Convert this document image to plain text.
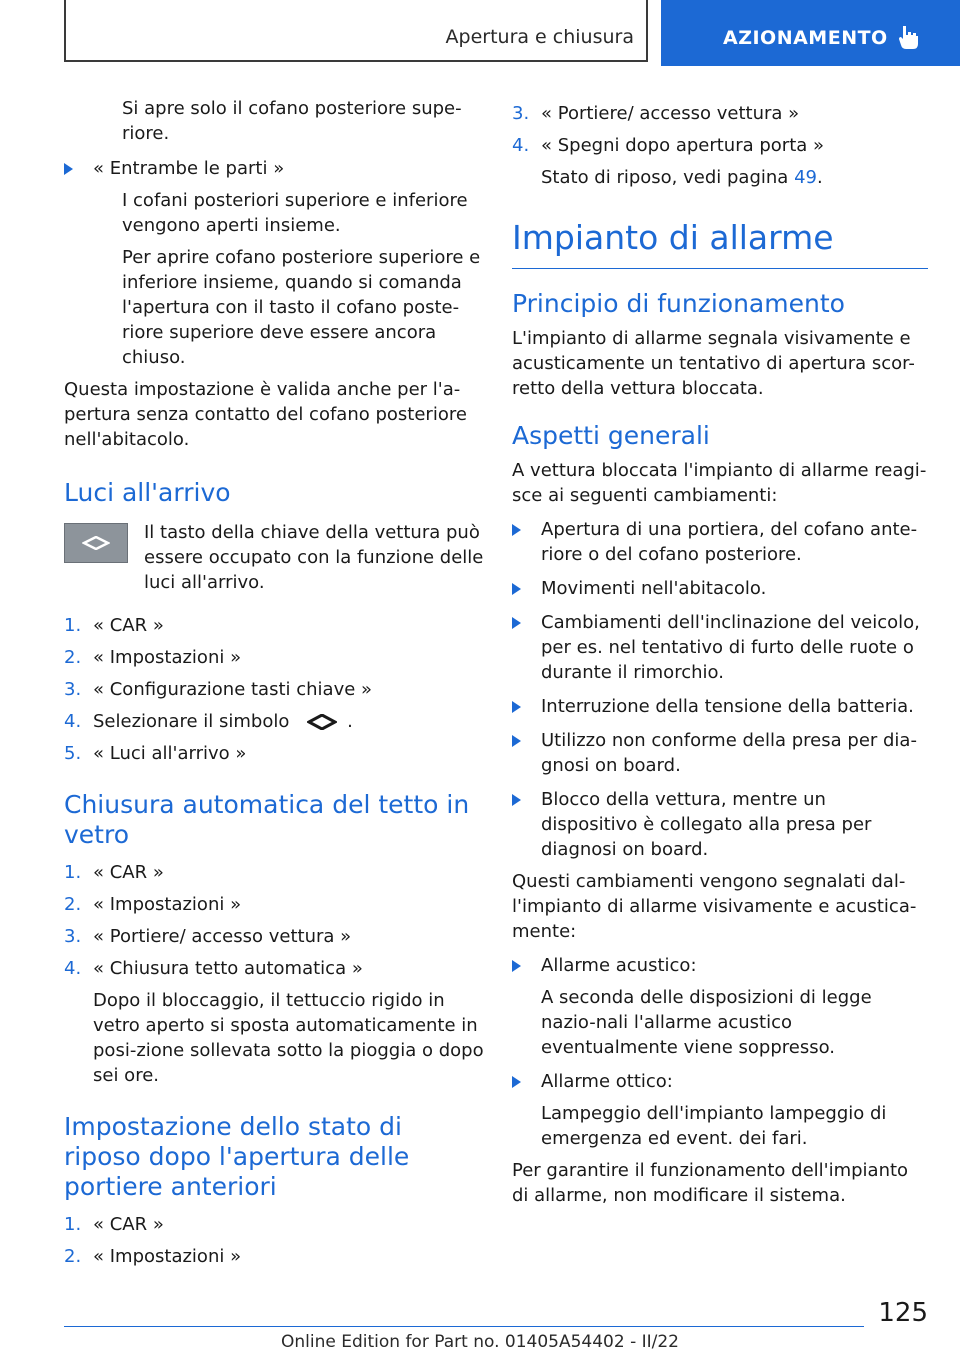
Apertura e chiusura	AZIONAMENTO

Si apre solo il cofano posteriore supe-
riore.

« Entrambe le parti »

I cofani posteriori superiore e inferiore vengono aperti insieme.

Per aprire cofano posteriore superiore e inferiore insieme, quando si comanda l'apertura con il tasto il cofano poste-riore superiore deve essere ancora chiuso.

Questa impostazione è valida anche per l'a-pertura senza contatto del cofano posteriore nell'abitacolo.

Luci all'arrivo
Il tasto della chiave della vettura può essere occupato con la funzione delle luci all'arrivo.
1. « CAR »
2. « Impostazioni »
3. « Configurazione tasti chiave »
4. Selezionare il simbolo	.
5. « Luci all'arrivo »
Chiusura automatica del tetto in vetro
1. « CAR »
2. « Impostazioni »
3. « Portiere/ accesso vettura »
4. « Chiusura tetto automatica »

Dopo il bloccaggio, il tettuccio rigido in vetro aperto si sposta automaticamente in posi-zione sollevata sotto la pioggia o dopo sei ore.

Impostazione dello stato di riposo dopo l'apertura delle portiere anteriori
1. « CAR »
2. « Impostazioni »
3. « Portiere/ accesso vettura »
4. « Spegni dopo apertura porta »

Stato di riposo, vedi pagina 49.

Impianto di allarme
Principio di funzionamento

L'impianto di allarme segnala visivamente e acusticamente un tentativo di apertura scor-retto della vettura bloccata.

Aspetti generali

A vettura bloccata l'impianto di allarme reagi-sce ai seguenti cambiamenti:

Apertura di una portiera, del cofano ante-riore o del cofano posteriore.
Movimenti nell'abitacolo.
Cambiamenti dell'inclinazione del veicolo, per es. nel tentativo di furto delle ruote o durante il rimorchio.
Interruzione della tensione della batteria.
Utilizzo non conforme della presa per dia-gnosi on board.
Blocco della vettura, mentre un dispositivo è collegato alla presa per diagnosi on board.

Questi cambiamenti vengono segnalati dal-l'impianto di allarme visivamente e acustica-mente:

Allarme acustico:

A seconda delle disposizioni di legge nazio-nali l'allarme acustico eventualmente viene soppresso.

Allarme ottico:

Lampeggio dell'impianto lampeggio di emergenza ed event. dei fari.

Per garantire il funzionamento dell'impianto di allarme, non modificare il sistema.

125
Online Edition for Part no. 01405A54402 - II/22
